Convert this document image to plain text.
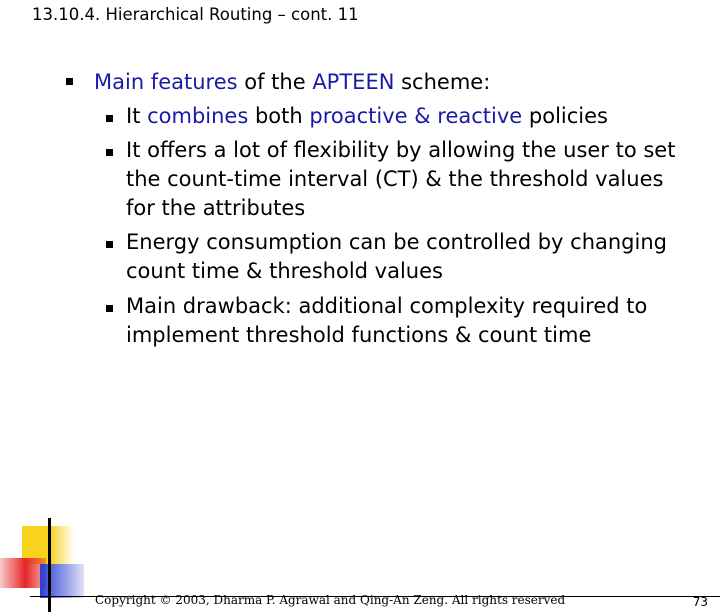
13.10.4. Hierarchical Routing – cont. 11
Main features of the APTEEN scheme:
It combines both proactive & reactive policies
It offers a lot of flexibility by allowing the user to set the count-time interval (CT) & the threshold values for the attributes
Energy consumption can be controlled by changing count time & threshold values
Main drawback: additional complexity required to implement threshold functions & count time
Copyright © 2003, Dharma P. Agrawal and Qing-An Zeng. All rights reserved	73
